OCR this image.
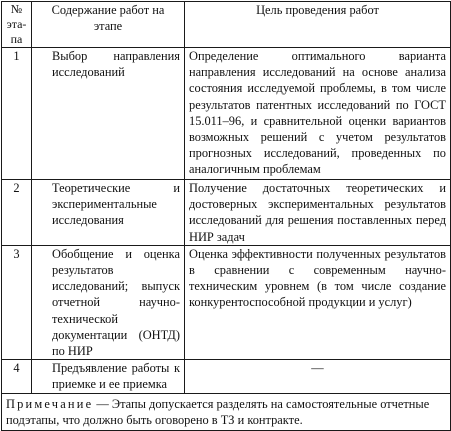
№
эта-
па	Содержание работ на этапе	Цель проведения работ
1	Выбор направления исследований	Определение оптимального варианта направления исследований на основе анализа состояния исследуемой проблемы, в том числе результатов патентных исследований по ГОСТ 15.011–96, и сравнительной оценки вариантов возможных решений с учетом результатов прогнозных исследований, проведенных по аналогичным проблемам
2	Теоретические и экспериментальные исследования	Получение достаточных теоретических и достоверных экспериментальных результатов исследований для решения поставленных перед НИР задач
3	Обобщение и оценка результатов исследований; выпуск отчетной научно-технической документации (ОНТД) по НИР	Оценка эффективности полученных результатов в сравнении с современным научно-техническим уровнем (в том числе создание конкурентоспособной продукции и услуг)
4	Предъявление работы к приемке и ее приемка	—
Примечание — Этапы допускается разделять на самостоятельные отчетные подэтапы, что должно быть оговорено в ТЗ и контракте.		
